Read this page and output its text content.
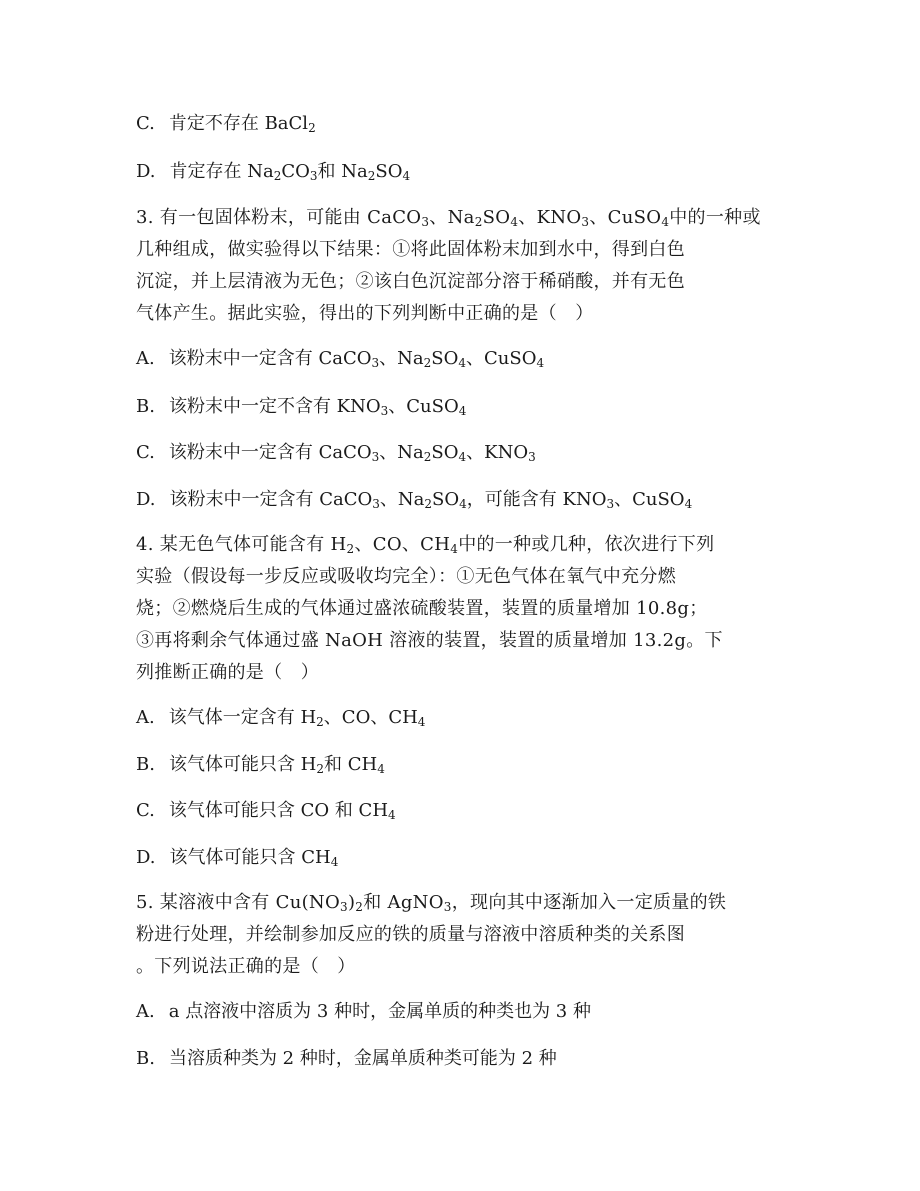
C. 肯定不存在 BaCl$_2$
D. 肯定存在 $Na_2CO_3$和 $Na_2SO_4$
3. 有一包固体粉末，可能由 CaCO$_3$、$Na_2SO_4$、$KNO_3$、CuSO$_4$中的一种或
几种组成，做实验得以下结果：①将此固体粉末加到水中，得到白色
沉淀，并上层清液为无色；②该白色沉淀部分溶于稀硝酸，并有无色
气体产生。据此实验，得出的下列判断中正确的是（　）
A. 该粉末中一定含有 CaCO$_3$、$Na_2SO_4$、CuSO$_4$
B. 该粉末中一定不含有 $KNO_3$、CuSO$_4$
C. 该粉末中一定含有 CaCO$_3$、$Na_2SO_4$、$KNO_3$
D. 该粉末中一定含有 CaCO$_3$、$Na_2SO_4$，可能含有 $KNO_3$、CuSO$_4$
4. 某无色气体可能含有 $H_2$、CO、$CH_4$中的一种或几种，依次进行下列
实验（假设每一步反应或吸收均完全）：①无色气体在氧气中充分燃
烧；②燃烧后生成的气体通过盛浓硫酸装置，装置的质量增加 10.8g；
③再将剩余气体通过盛 NaOH 溶液的装置，装置的质量增加 13.2g。下
列推断正确的是（　）
A. 该气体一定含有 $H_2$、CO、$CH_4$
B. 该气体可能只含 $H_2$和 $CH_4$
C. 该气体可能只含 CO 和 $CH_4$
D. 该气体可能只含 $CH_4$
5. 某溶液中含有 $Cu(NO_3)_2$和 AgNO$_3$，现向其中逐渐加入一定质量的铁
粉进行处理，并绘制参加反应的铁的质量与溶液中溶质种类的关系图
。下列说法正确的是（　）
A. a 点溶液中溶质为 3 种时，金属单质的种类也为 3 种
B. 当溶质种类为 2 种时，金属单质种类可能为 2 种
